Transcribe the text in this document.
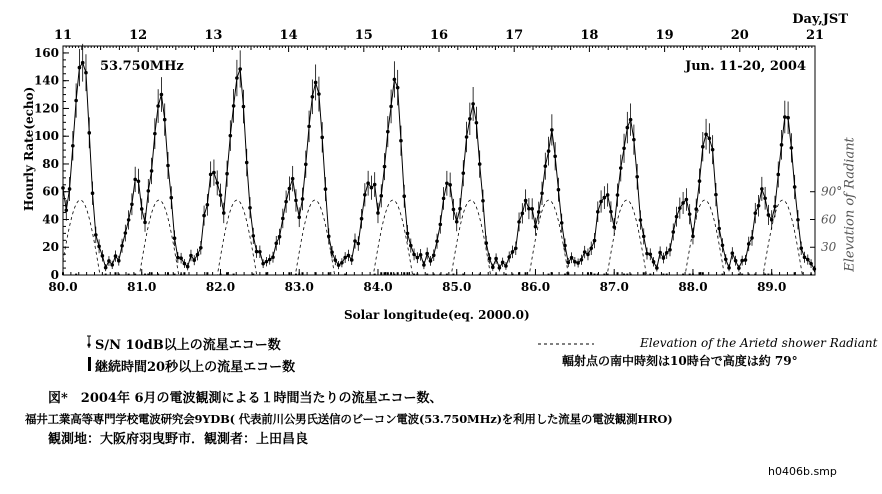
11	12	13	14	15	16	17	18	19	20	21
80.0	81.0	82.0	83.0	84.0	85.0	86.0	87.0	88.0	89.0
0
20
40
60
80
100
120
140
160
90°
60
30
53.750MHz	Jun. 11-20, 2004
Day,JST
Solar longitude(eq. 2000.0)
Hourly Rate(echo)	Elevation of Radiant
S/N 10dB以上の流星エコー数
継続時間20秒以上の流星エコー数
Elevation of the Arietd shower Radiant
輻射点の南中時刻は10時台で高度は約 79°
図*　2004年 6月の電波観測による１時間当たりの流星エコー数、
福井工業高等専門学校電波研究会9YDB( 代表前川公男氏送信のビーコン電波(53.750MHz)を利用した流星の電波観測HRO)
観測地：大阪府羽曳野市．観測者：上田昌良
h0406b.smp
